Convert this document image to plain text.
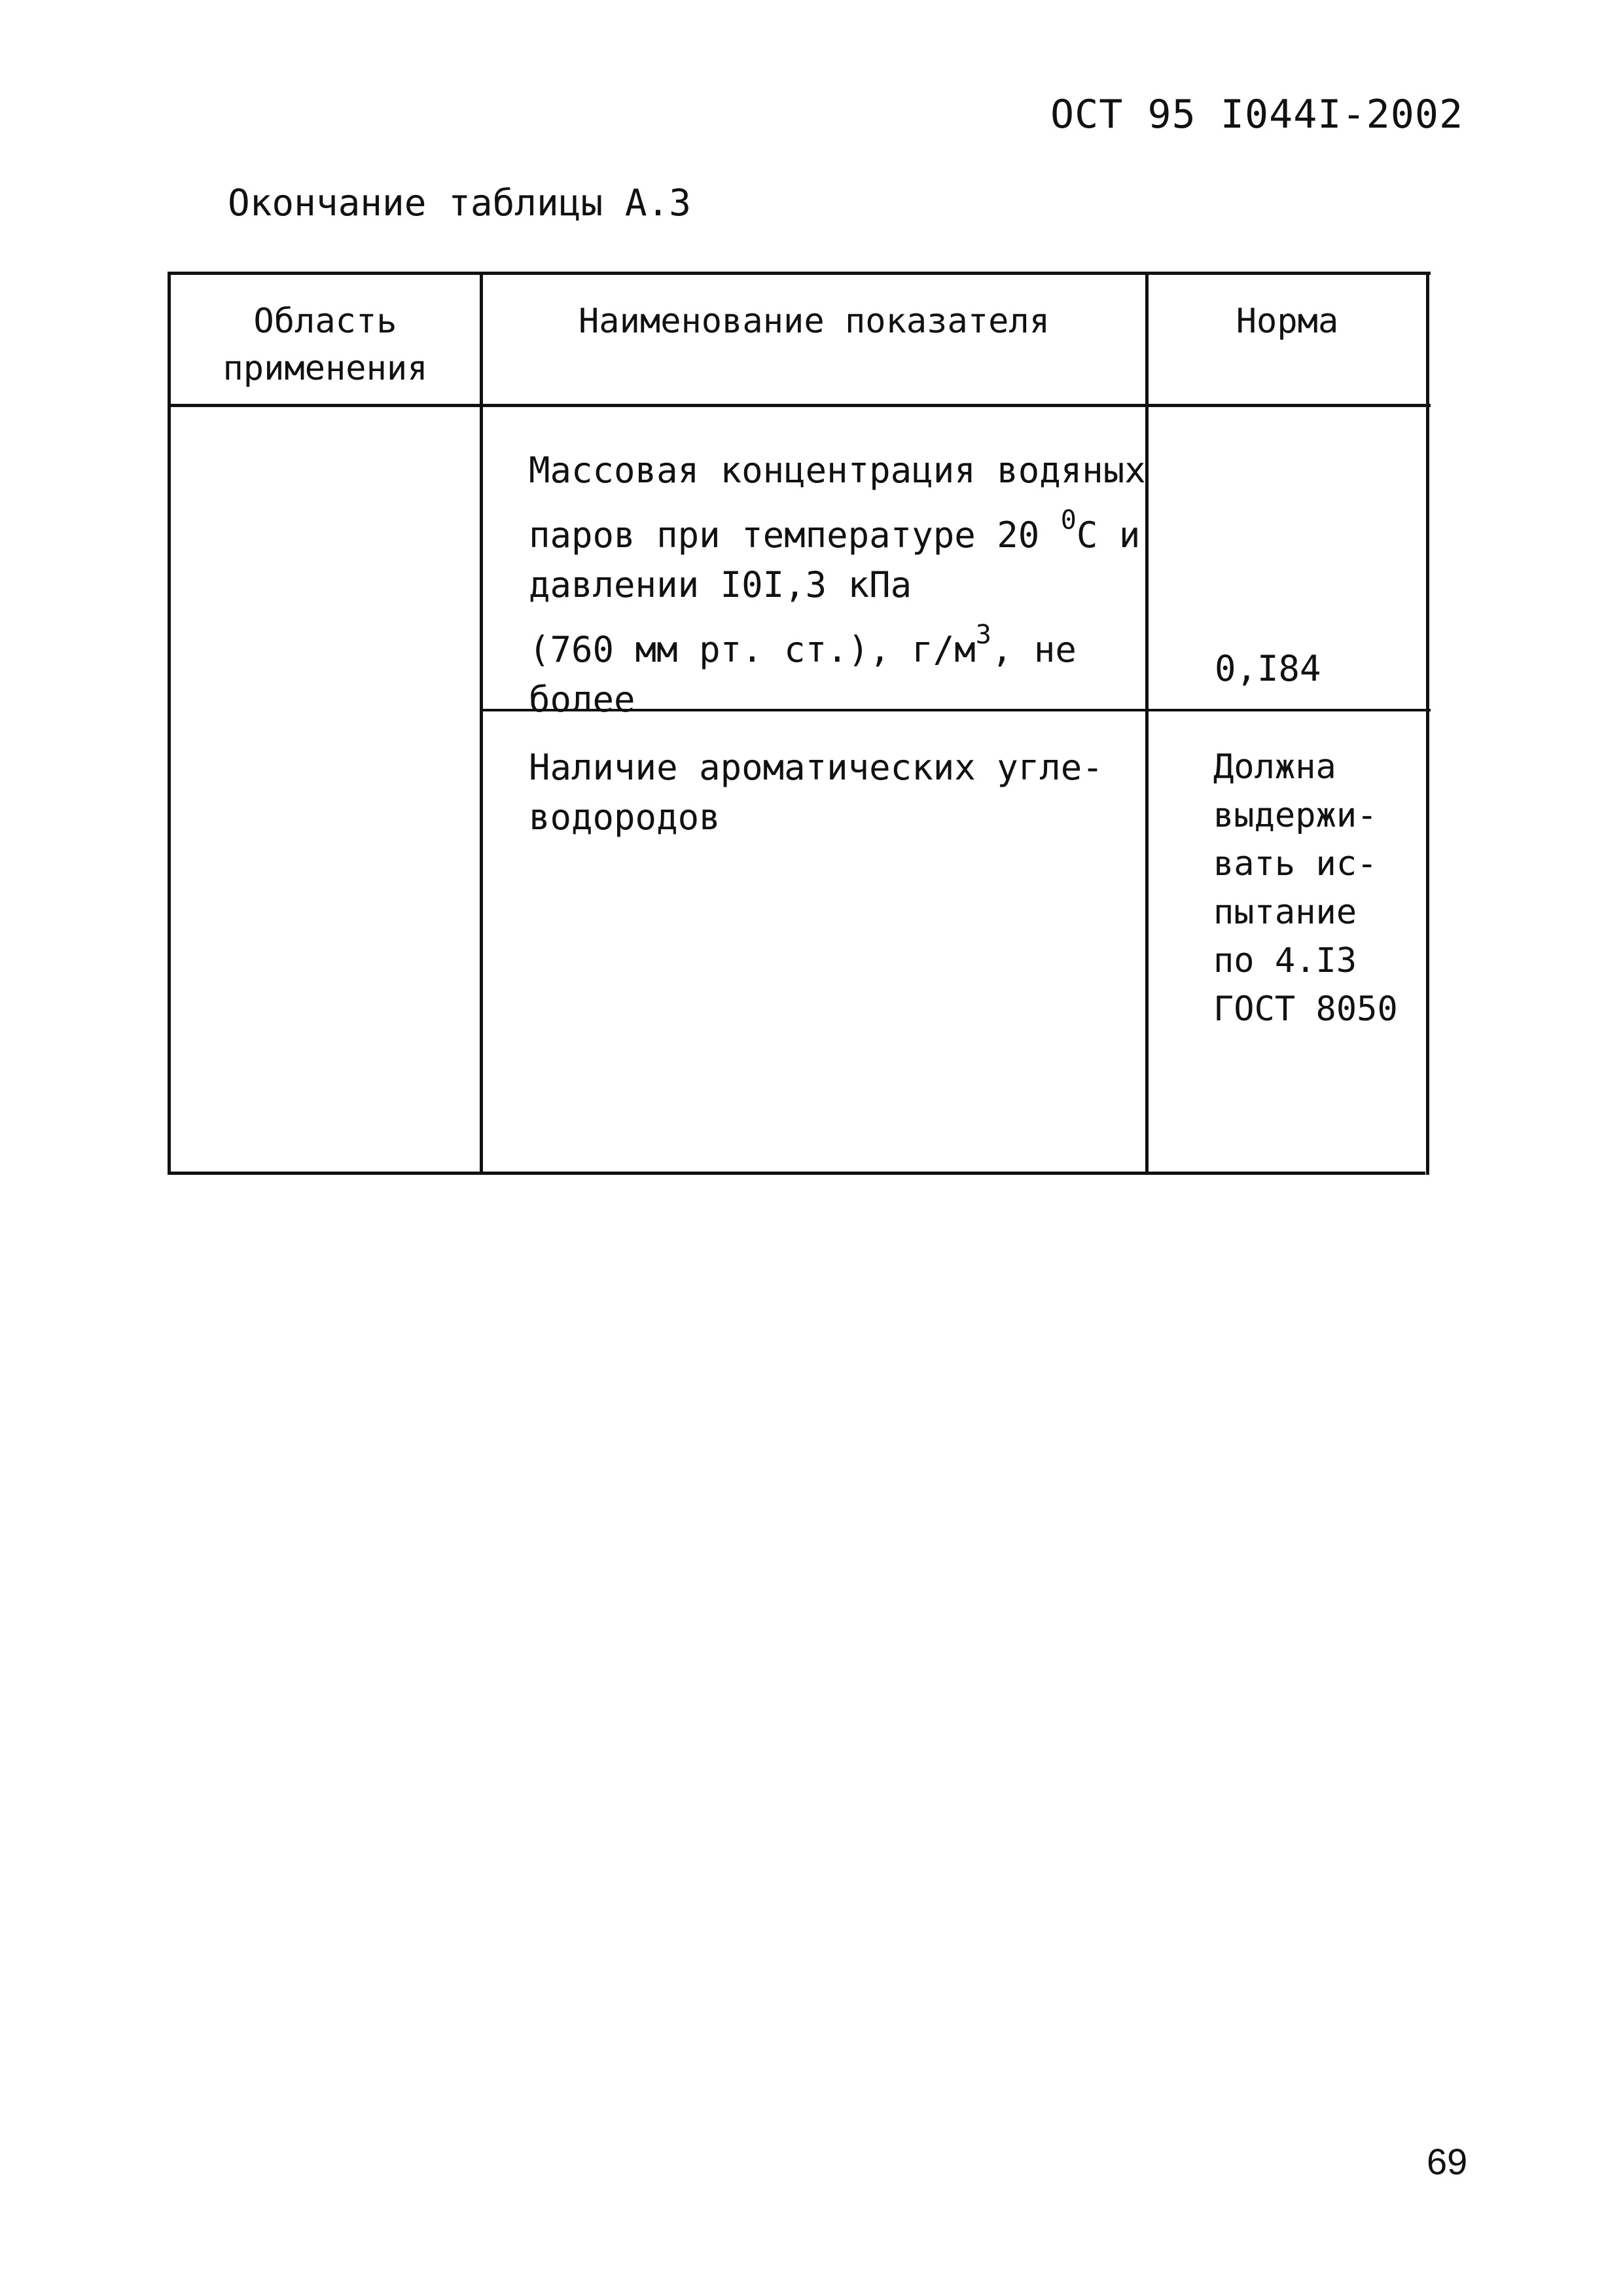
ОСТ 95 I044I-2002
Окончание таблицы А.3
Область
применения
Наименование показателя	Норма
Массовая концентрация водяных
паров при температуре 20 $^0$С и
давлении I0I,3 кПа
(760 мм рт. ст.), $г/м^3$, не
более
0,I84
Наличие ароматических угле-
водородов
Должна
выдержи-
вать ис-
пытание
по 4.I3
ГОСТ 8050
69
